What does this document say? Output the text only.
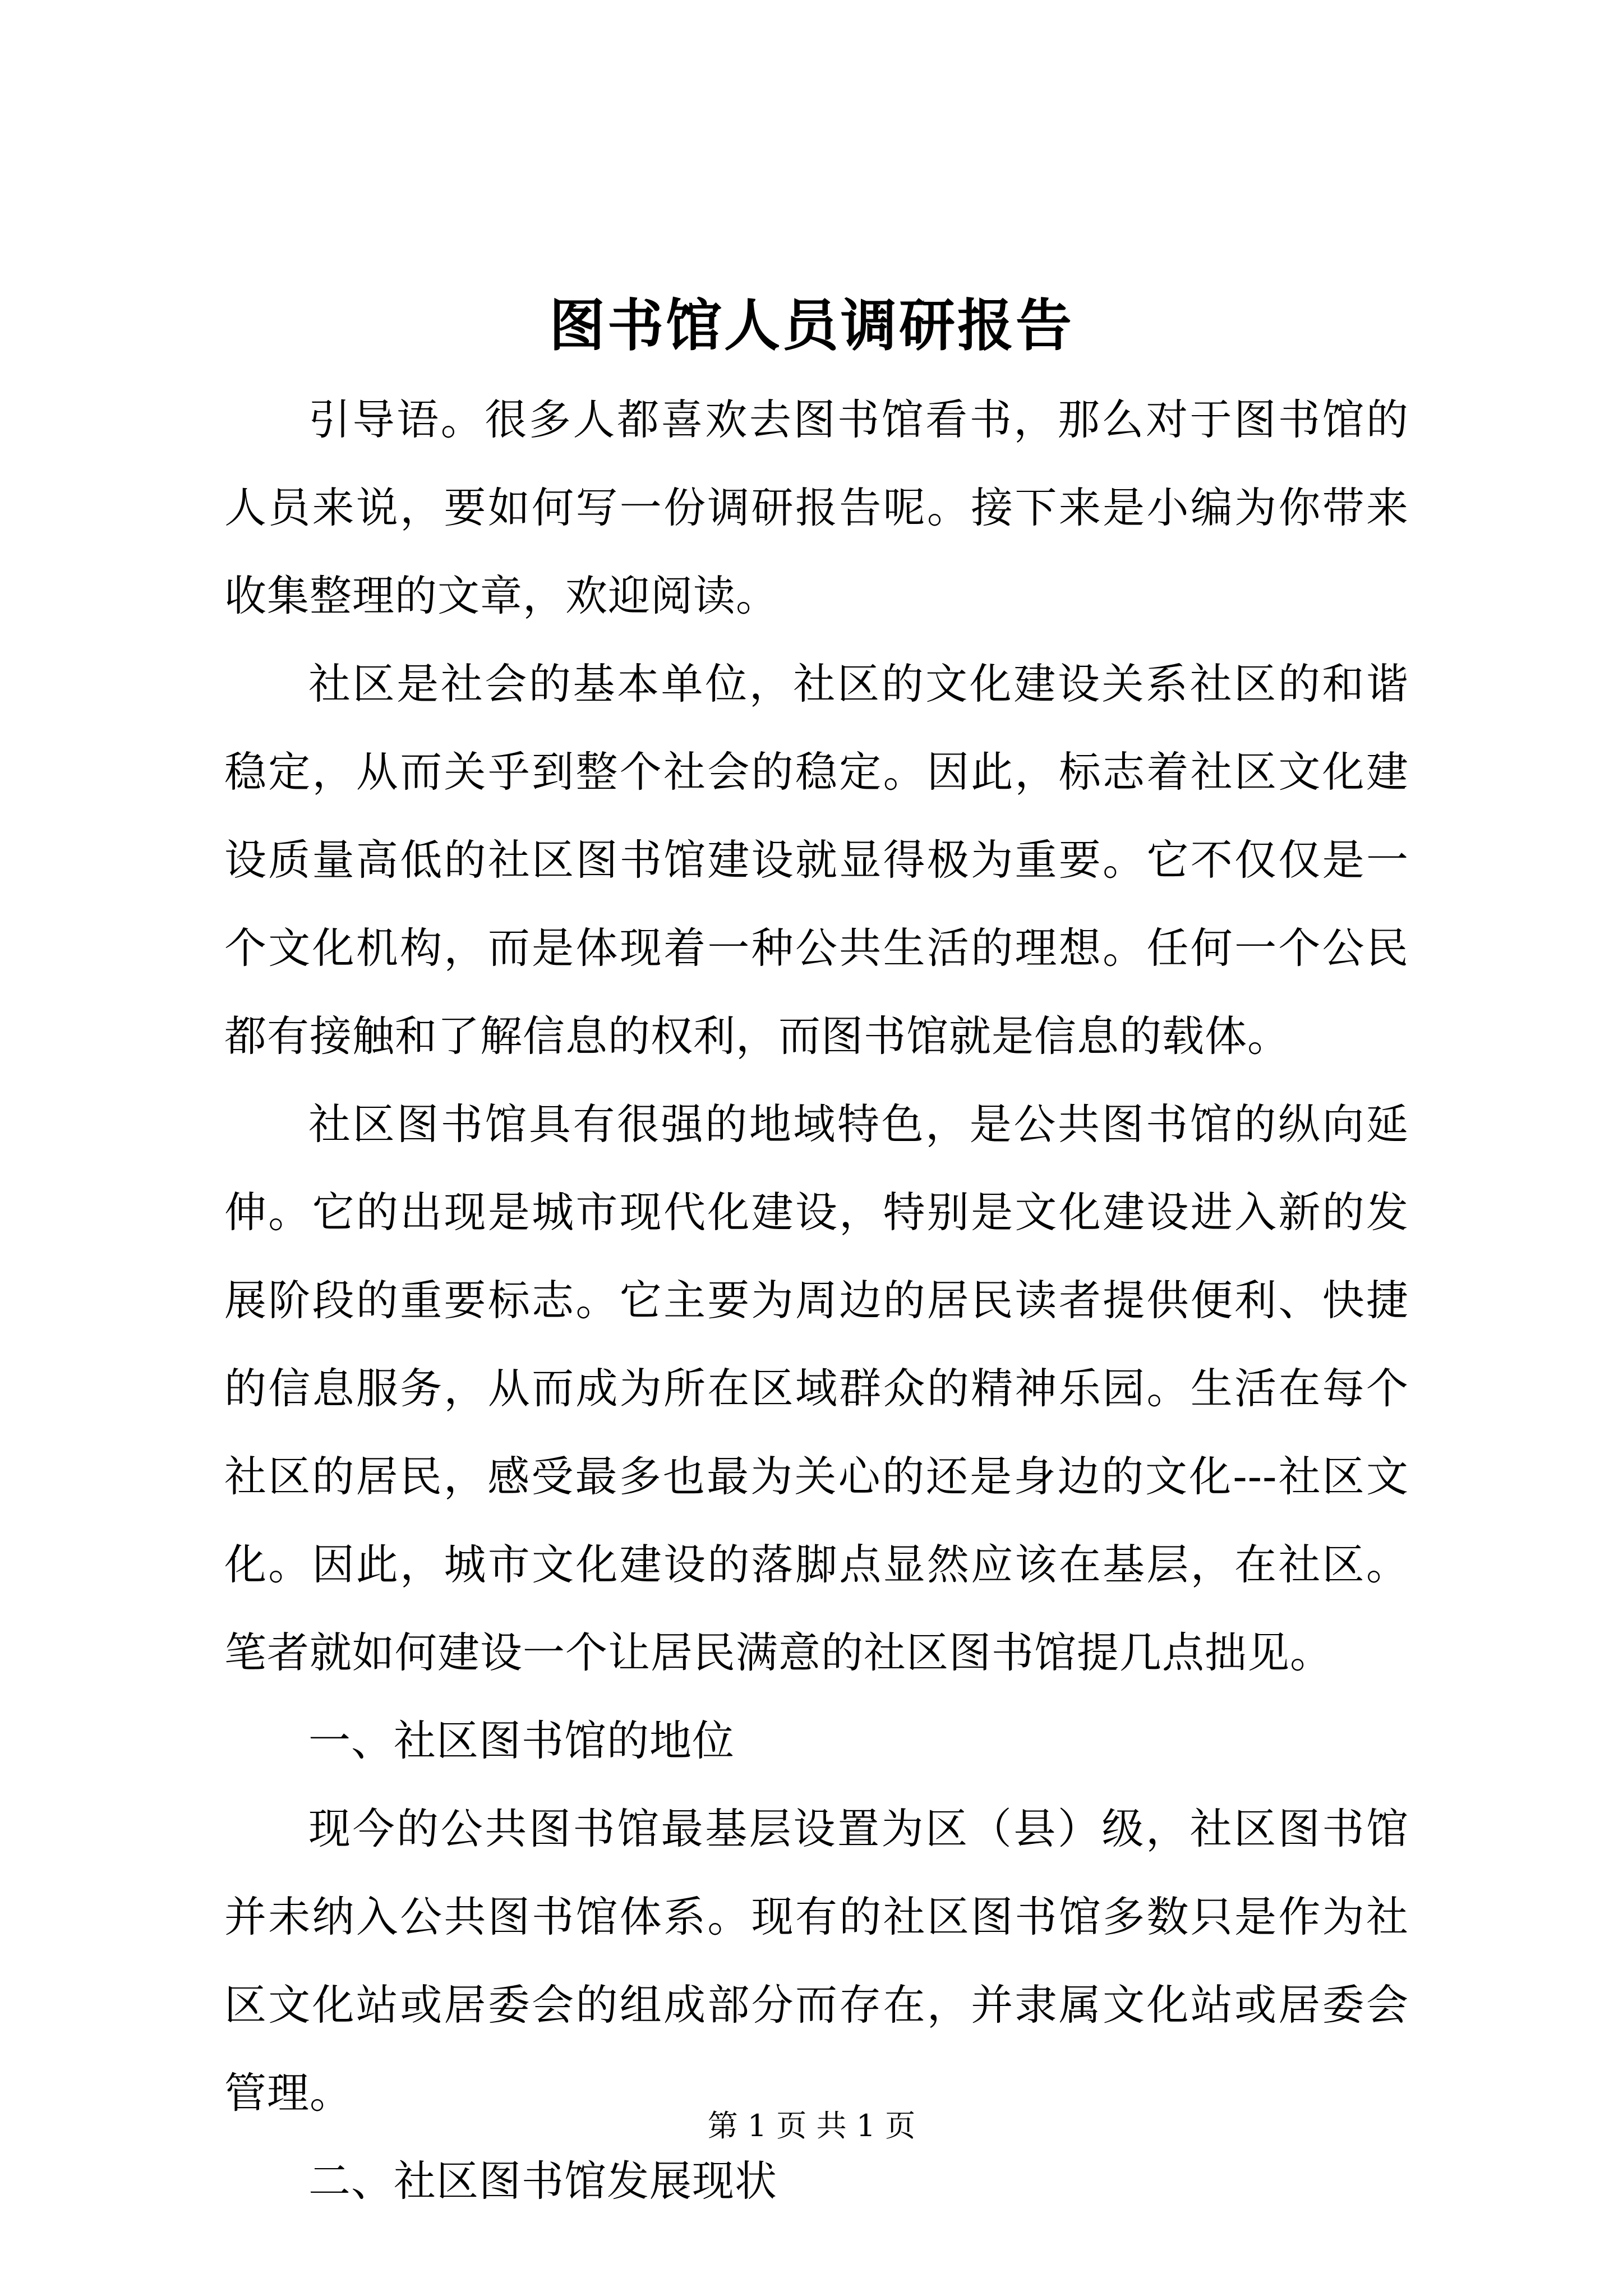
图书馆人员调研报告

引导语。很多人都喜欢去图书馆看书，那么对于图书馆的人员来说，要如何写一份调研报告呢。接下来是小编为你带来收集整理的文章，欢迎阅读。

社区是社会的基本单位，社区的文化建设关系社区的和谐稳定，从而关乎到整个社会的稳定。因此，标志着社区文化建设质量高低的社区图书馆建设就显得极为重要。它不仅仅是一个文化机构，而是体现着一种公共生活的理想。任何一个公民都有接触和了解信息的权利，而图书馆就是信息的载体。

社区图书馆具有很强的地域特色，是公共图书馆的纵向延伸。它的出现是城市现代化建设，特别是文化建设进入新的发展阶段的重要标志。它主要为周边的居民读者提供便利、快捷的信息服务，从而成为所在区域群众的精神乐园。生活在每个社区的居民，感受最多也最为关心的还是身边的文化---社区文化。因此，城市文化建设的落脚点显然应该在基层，在社区。笔者就如何建设一个让居民满意的社区图书馆提几点拙见。

一、社区图书馆的地位

现今的公共图书馆最基层设置为区（县）级，社区图书馆并未纳入公共图书馆体系。现有的社区图书馆多数只是作为社区文化站或居委会的组成部分而存在，并隶属文化站或居委会管理。

二、社区图书馆发展现状

第 1 页 共 1 页
